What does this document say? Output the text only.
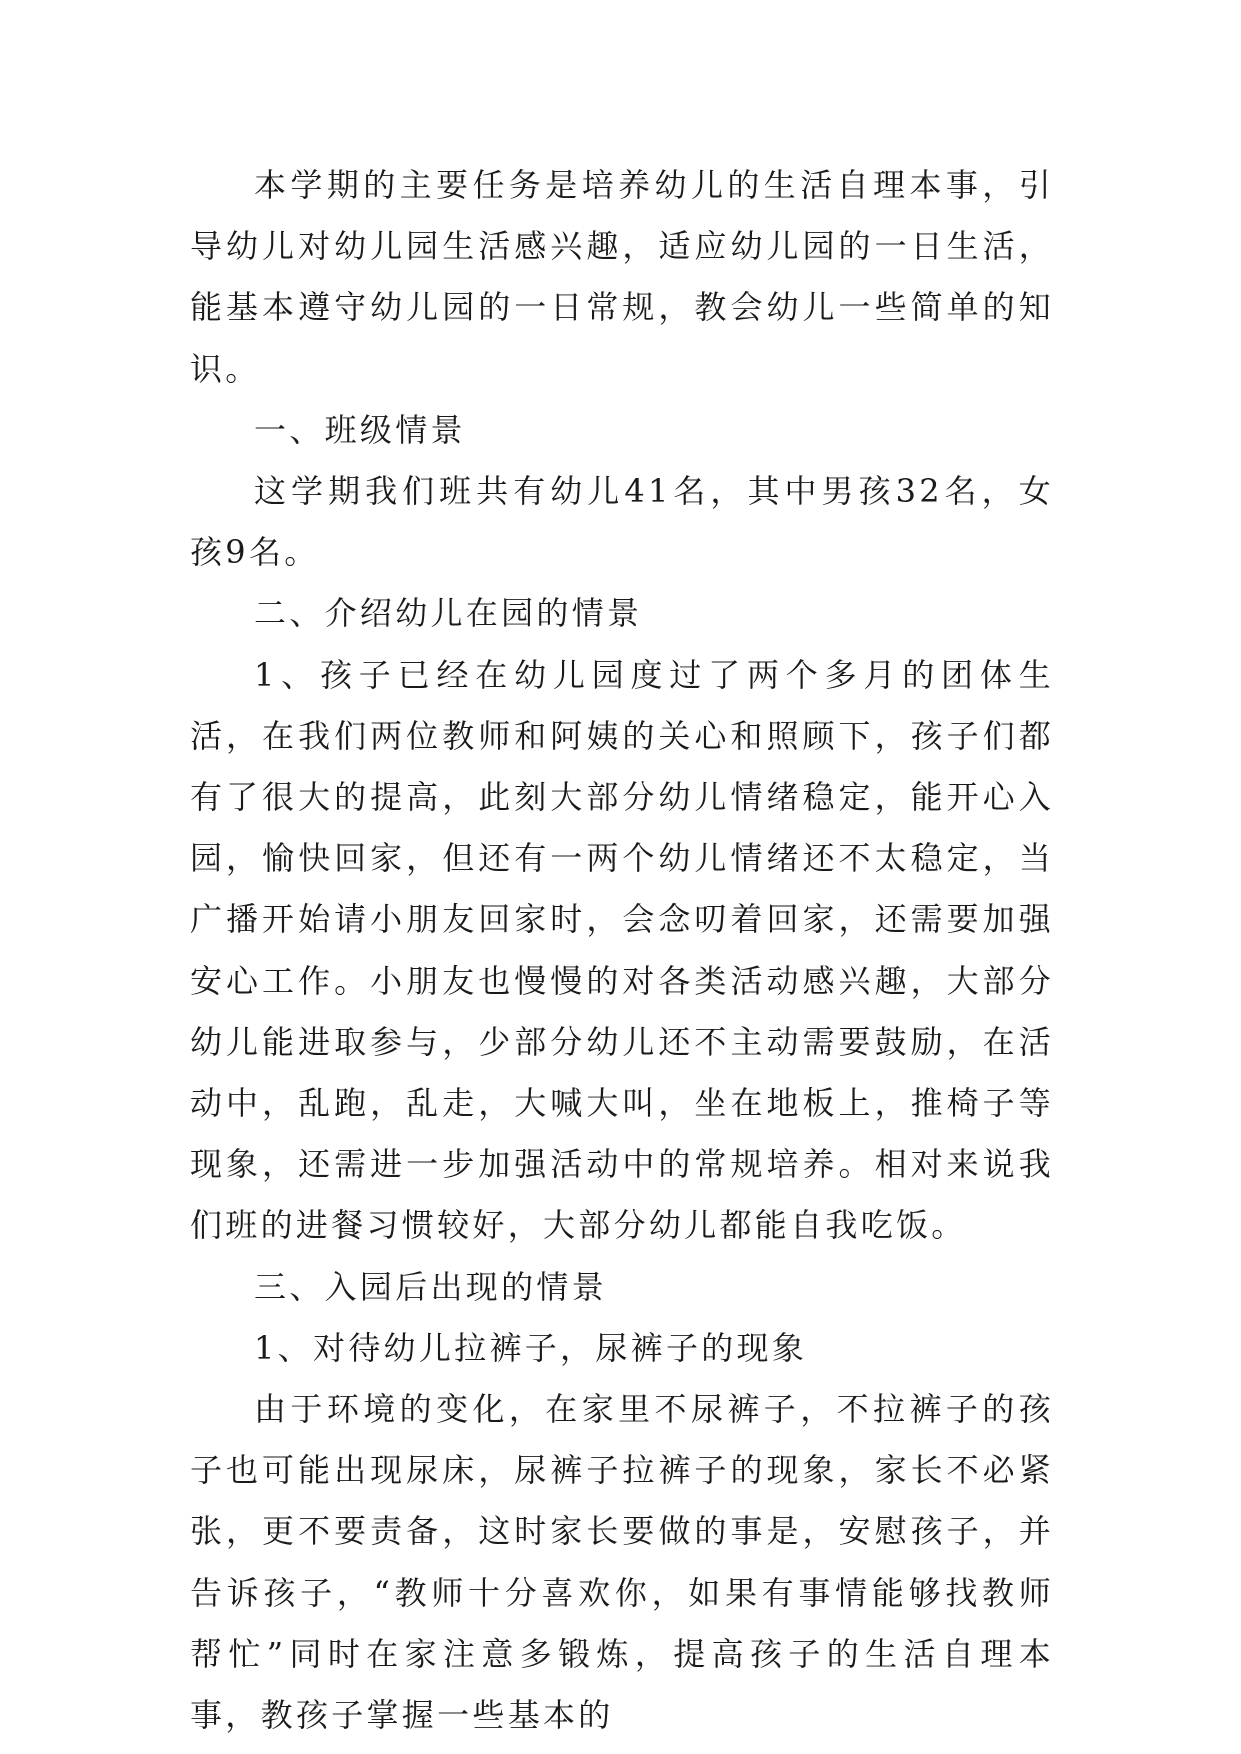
本学期的主要任务是培养幼儿的生活自理本事，引导幼儿对幼儿园生活感兴趣，适应幼儿园的一日生活，能基本遵守幼儿园的一日常规，教会幼儿一些简单的知识。

一、班级情景

这学期我们班共有幼儿41名，其中男孩32名，女孩9名。

二、介绍幼儿在园的情景

1、孩子已经在幼儿园度过了两个多月的团体生活，在我们两位教师和阿姨的关心和照顾下，孩子们都有了很大的提高，此刻大部分幼儿情绪稳定，能开心入园，愉快回家，但还有一两个幼儿情绪还不太稳定，当广播开始请小朋友回家时，会念叨着回家，还需要加强安心工作。小朋友也慢慢的对各类活动感兴趣，大部分幼儿能进取参与，少部分幼儿还不主动需要鼓励，在活动中，乱跑，乱走，大喊大叫，坐在地板上，推椅子等现象，还需进一步加强活动中的常规培养。相对来说我们班的进餐习惯较好，大部分幼儿都能自我吃饭。

三、入园后出现的情景

1、对待幼儿拉裤子，尿裤子的现象

由于环境的变化，在家里不尿裤子，不拉裤子的孩子也可能出现尿床，尿裤子拉裤子的现象，家长不必紧张，更不要责备，这时家长要做的事是，安慰孩子，并告诉孩子，“教师十分喜欢你，如果有事情能够找教师帮忙”同时在家注意多锻炼，提高孩子的生活自理本事，教孩子掌握一些基本的
